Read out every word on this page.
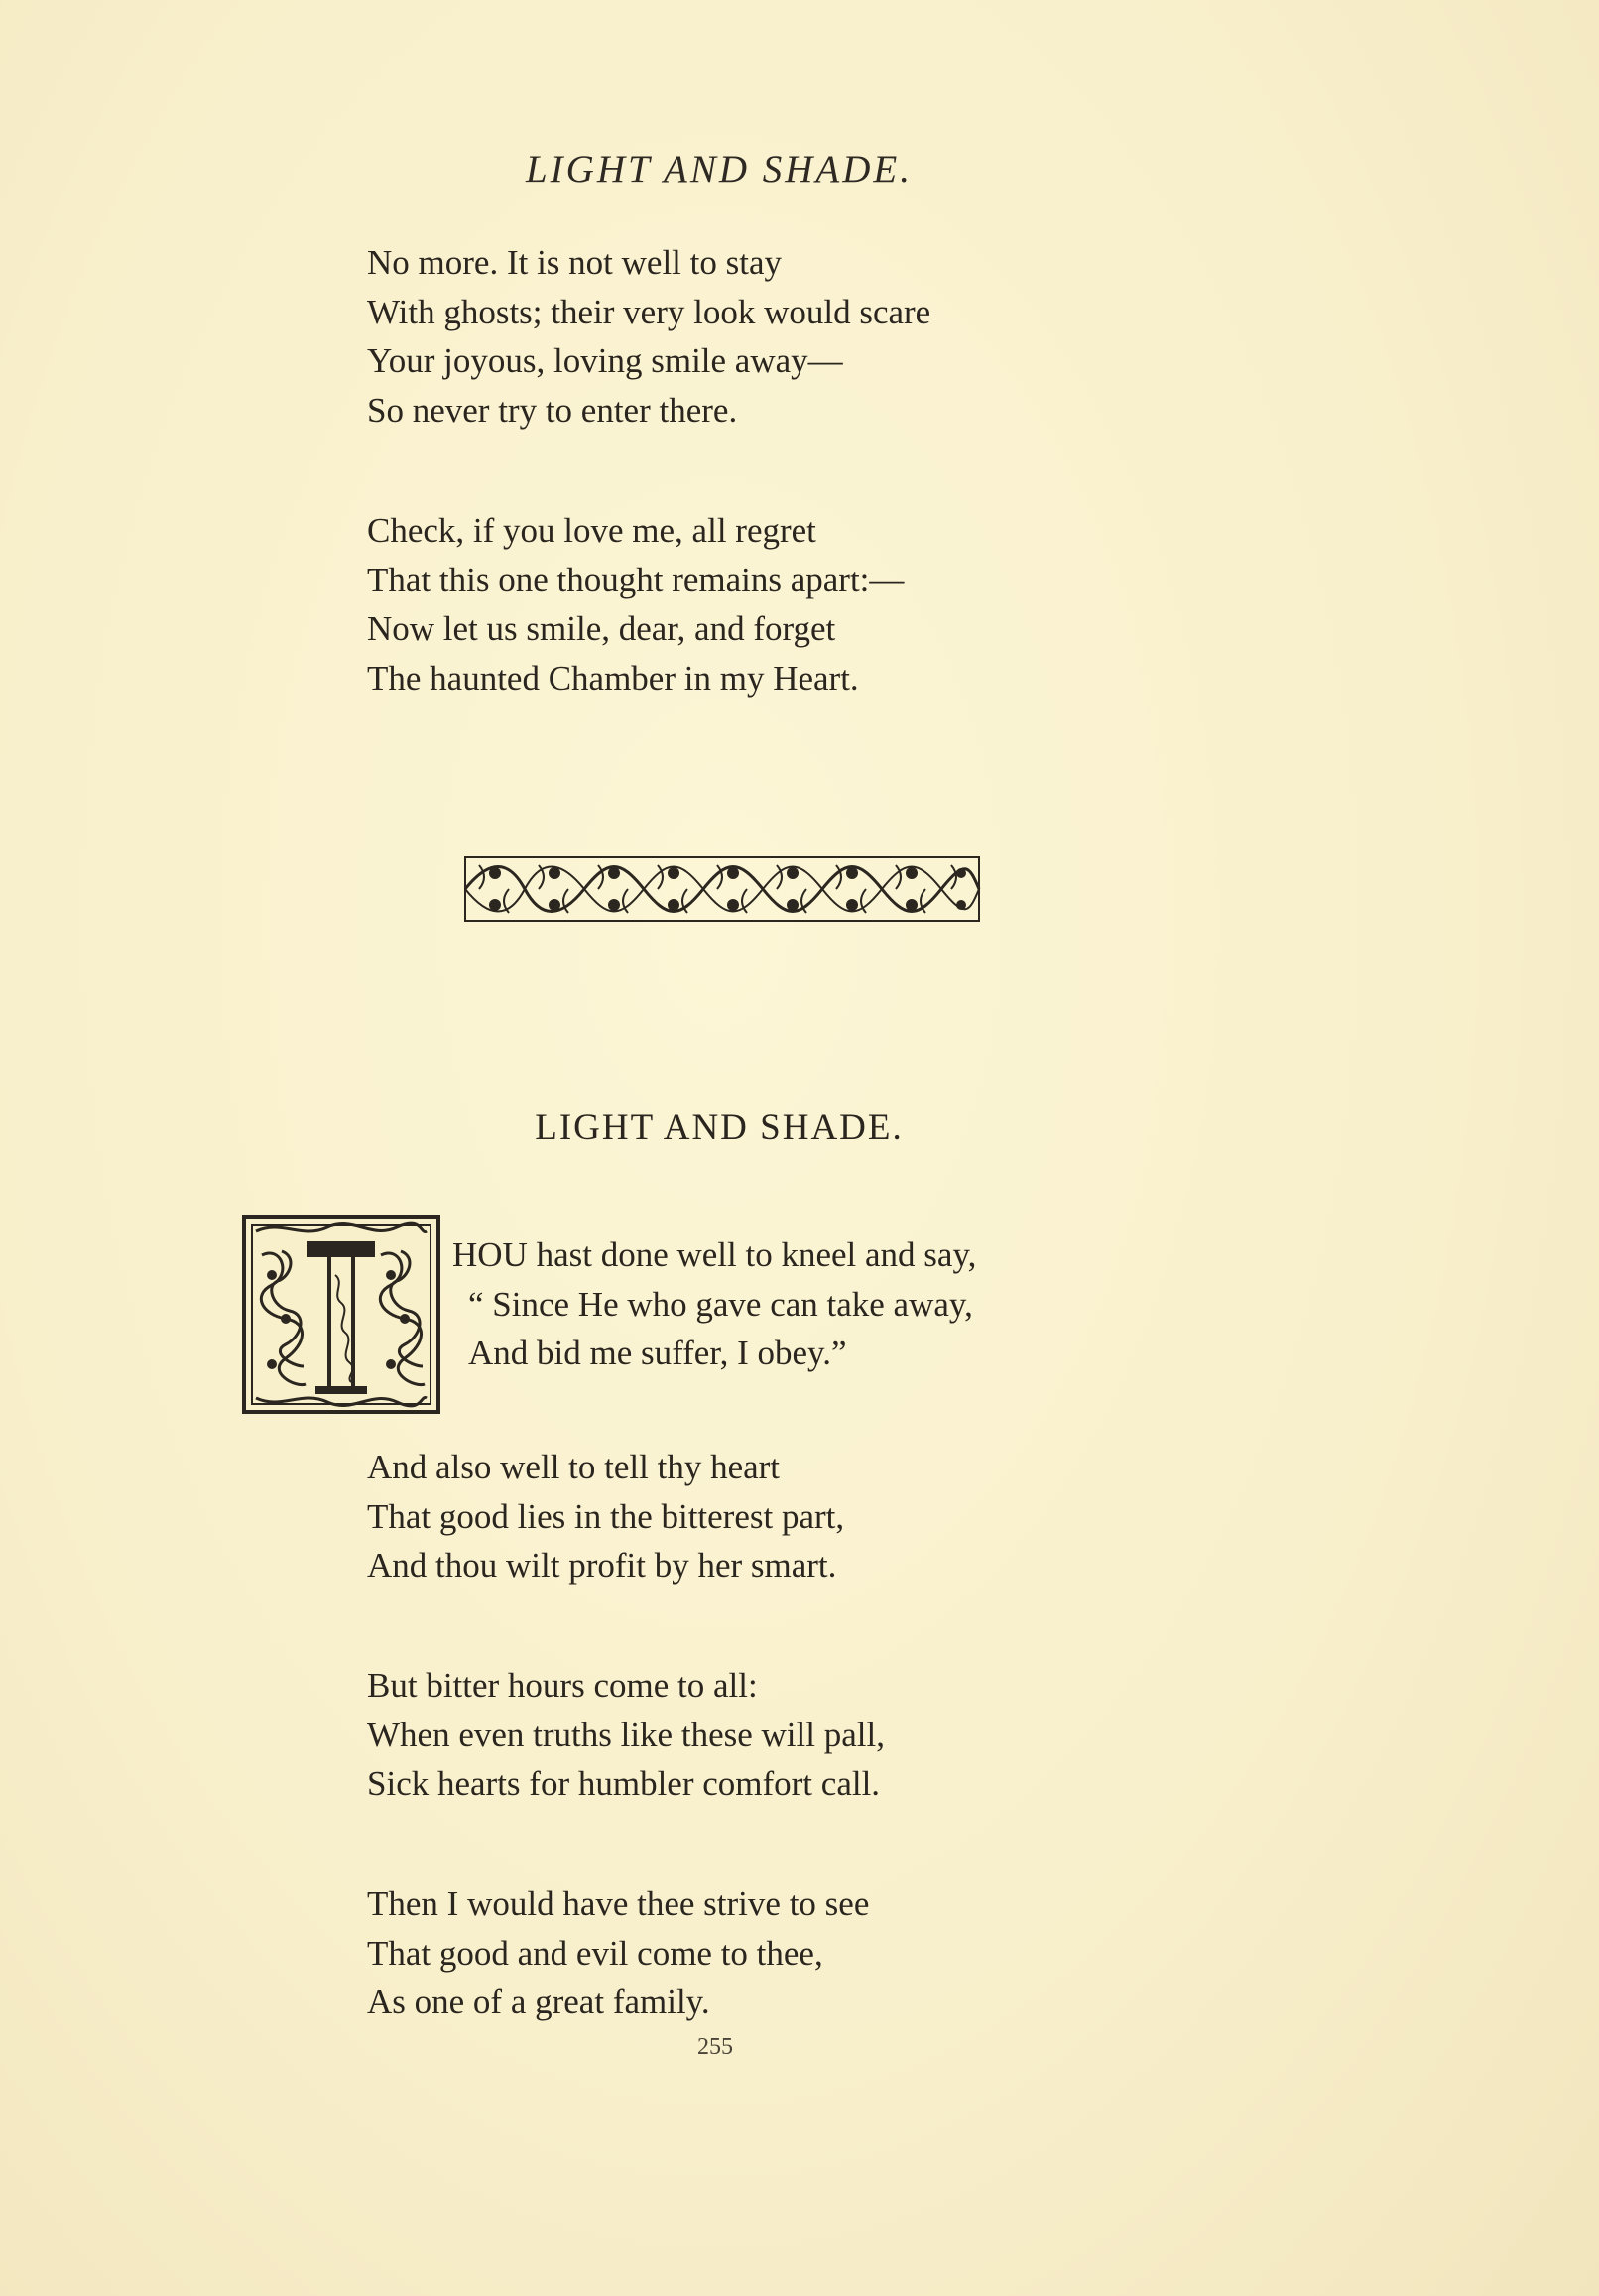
LIGHT AND SHADE.
No more. It is not well to stay
With ghosts; their very look would scare
Your joyous, loving smile away—
So never try to enter there.
Check, if you love me, all regret
That this one thought remains apart:—
Now let us smile, dear, and forget
The haunted Chamber in my Heart.
LIGHT AND SHADE.
HOU hast done well to kneel and say,
“ Since He who gave can take away,
And bid me suffer, I obey.”
And also well to tell thy heart
That good lies in the bitterest part,
And thou wilt profit by her smart.
But bitter hours come to all:
When even truths like these will pall,
Sick hearts for humbler comfort call.
Then I would have thee strive to see
That good and evil come to thee,
As one of a great family.
255
